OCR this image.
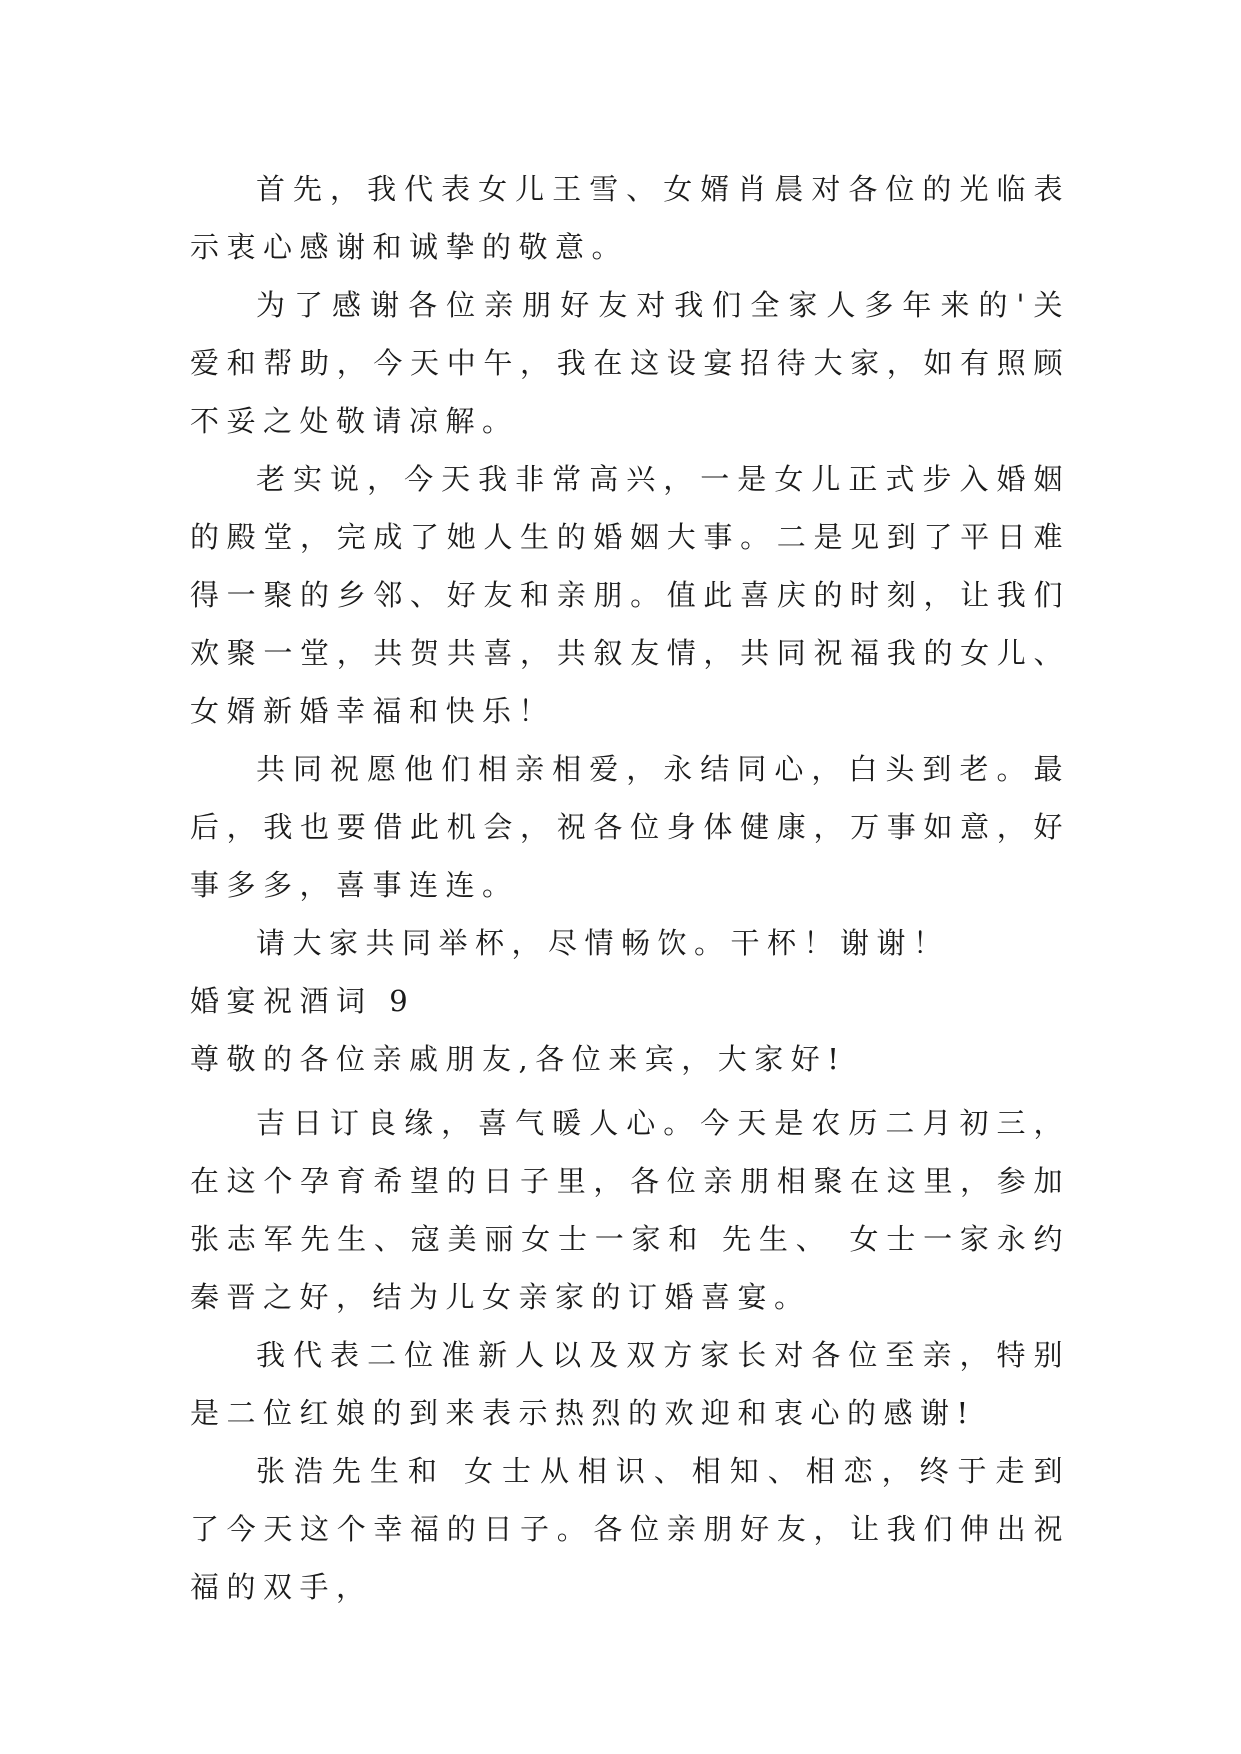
首先，我代表女儿王雪、女婿肖晨对各位的光临表示衷心感谢和诚挚的敬意。

为了感谢各位亲朋好友对我们全家人多年来的'关爱和帮助，今天中午，我在这设宴招待大家，如有照顾不妥之处敬请凉解。

老实说，今天我非常高兴，一是女儿正式步入婚姻的殿堂，完成了她人生的婚姻大事。二是见到了平日难得一聚的乡邻、好友和亲朋。值此喜庆的时刻，让我们欢聚一堂，共贺共喜，共叙友情，共同祝福我的女儿、女婿新婚幸福和快乐！

共同祝愿他们相亲相爱，永结同心，白头到老。最后，我也要借此机会，祝各位身体健康，万事如意，好事多多，喜事连连。

请大家共同举杯，尽情畅饮。干杯！谢谢！

婚宴祝酒词 9

尊敬的各位亲戚朋友,各位来宾，大家好!

吉日订良缘，喜气暖人心。今天是农历二月初三，在这个孕育希望的日子里，各位亲朋相聚在这里，参加张志军先生、寇美丽女士一家和 先生、 女士一家永约秦晋之好，结为儿女亲家的订婚喜宴。

我代表二位准新人以及双方家长对各位至亲，特别是二位红娘的到来表示热烈的欢迎和衷心的感谢!

张浩先生和 女士从相识、相知、相恋，终于走到了今天这个幸福的日子。各位亲朋好友，让我们伸出祝福的双手，
